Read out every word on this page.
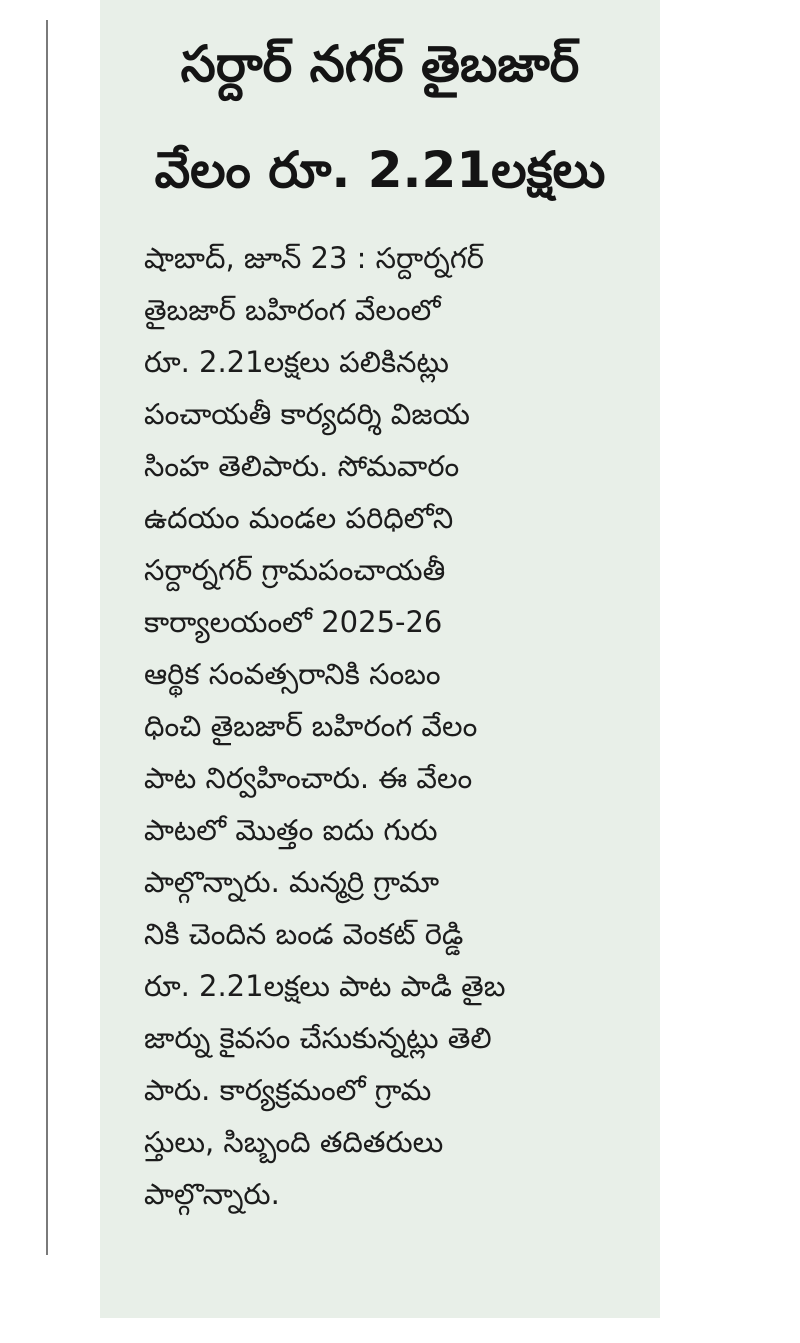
సర్దార్ నగర్ తైబజార్
వేలం రూ. 2.21లక్షలు
షాబాద్, జూన్ 23 : సర్దార్నగర్
తైబజార్ బహిరంగ వేలంలో
రూ. 2.21లక్షలు పలికినట్లు
పంచాయతీ కార్యదర్శి విజయ
సింహ తెలిపారు. సోమవారం
ఉదయం మండల పరిధిలోని
సర్దార్నగర్ గ్రామపంచాయతీ
కార్యాలయంలో 2025-26
ఆర్థిక సంవత్సరానికి సంబం
ధించి తైబజార్ బహిరంగ వేలం
పాట నిర్వహించారు. ఈ వేలం
పాటలో మొత్తం ఐదు గురు
పాల్గొన్నారు. మన్మర్రి గ్రామా
నికి చెందిన బండ వెంకట్ రెడ్డి
రూ. 2.21లక్షలు పాట పాడి తైబ
జార్ను కైవసం చేసుకున్నట్లు తెలి
పారు. కార్యక్రమంలో గ్రామ
స్తులు, సిబ్బంది తదితరులు
పాల్గొన్నారు.
